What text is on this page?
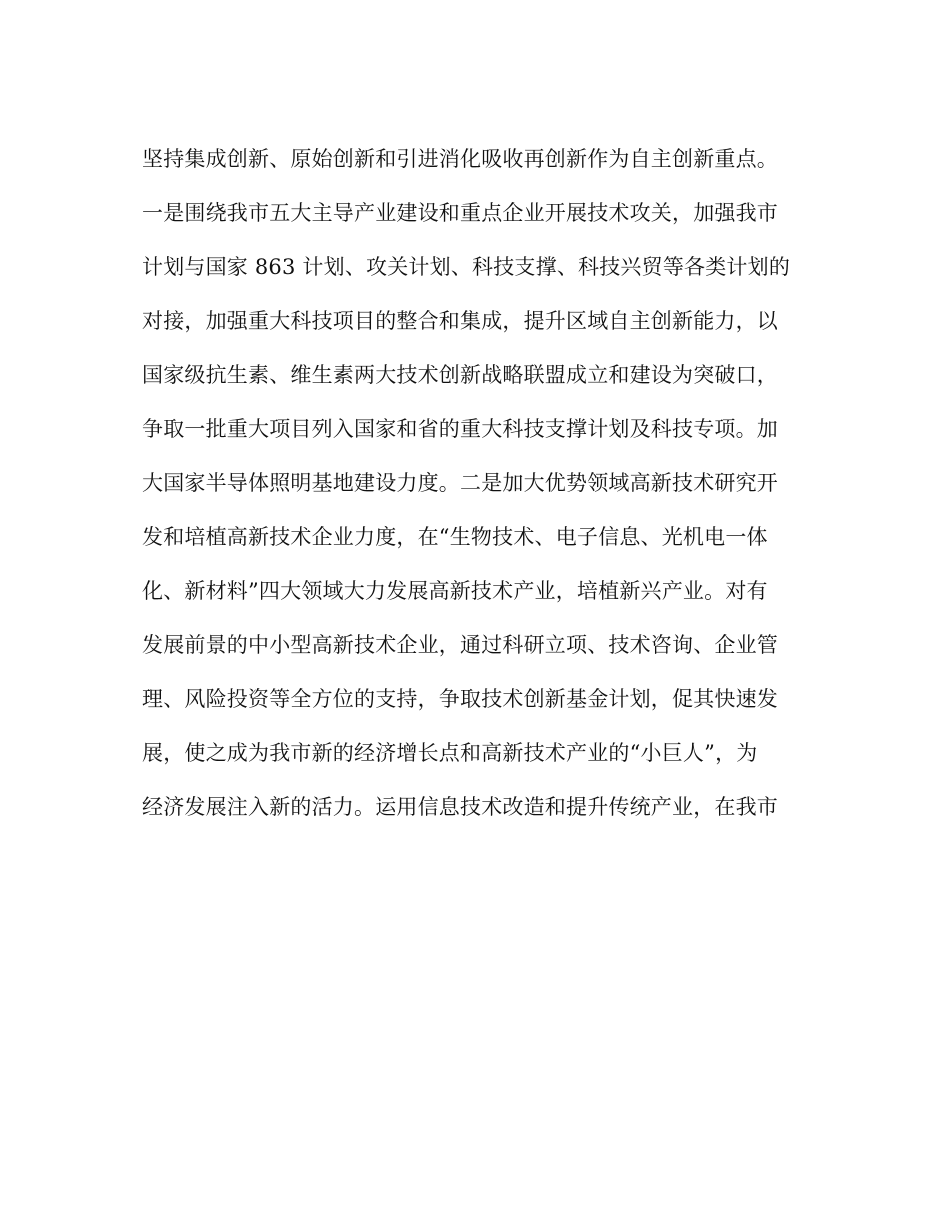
坚持集成创新、原始创新和引进消化吸收再创新作为自主创新重点。
一是围绕我市五大主导产业建设和重点企业开展技术攻关，加强我市
计划与国家 863 计划、攻关计划、科技支撑、科技兴贸等各类计划的
对接，加强重大科技项目的整合和集成，提升区域自主创新能力，以
国家级抗生素、维生素两大技术创新战略联盟成立和建设为突破口，
争取一批重大项目列入国家和省的重大科技支撑计划及科技专项。加
大国家半导体照明基地建设力度。二是加大优势领域高新技术研究开
发和培植高新技术企业力度，在“生物技术、电子信息、光机电一体
化、新材料”四大领域大力发展高新技术产业，培植新兴产业。对有
发展前景的中小型高新技术企业，通过科研立项、技术咨询、企业管
理、风险投资等全方位的支持，争取技术创新基金计划，促其快速发
展，使之成为我市新的经济增长点和高新技术产业的“小巨人”，为
经济发展注入新的活力。运用信息技术改造和提升传统产业，在我市
